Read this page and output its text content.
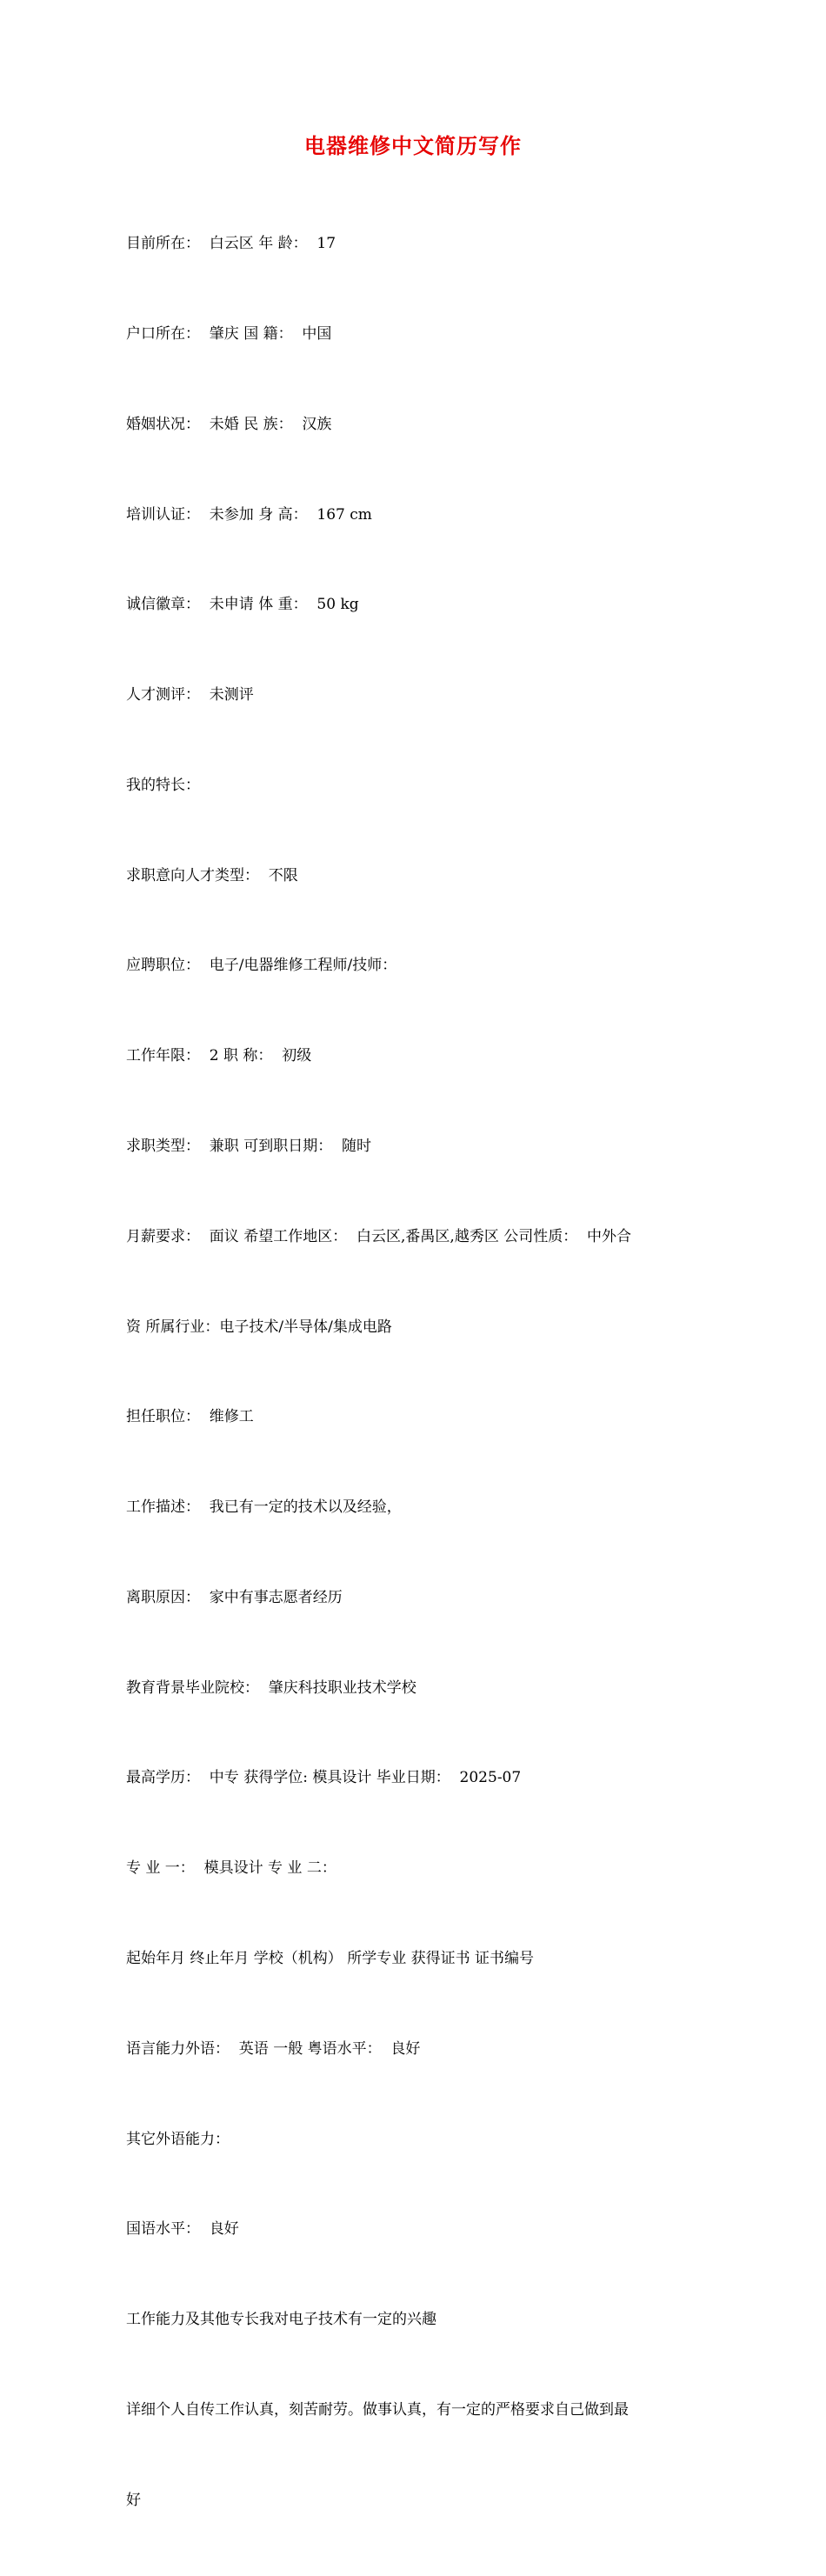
电器维修中文简历写作

目前所在：  白云区 年 龄：  17

户口所在：  肇庆 国 籍：  中国

婚姻状况：  未婚 民 族：  汉族

培训认证：  未参加 身 高：  167 cm

诚信徽章：  未申请 体 重：  50 kg

人才测评：  未测评

我的特长：

求职意向人才类型：  不限

应聘职位：  电子/电器维修工程师/技师：

工作年限：  2 职 称：  初级

求职类型：  兼职 可到职日期：  随时

月薪要求：  面议 希望工作地区：  白云区,番禺区,越秀区 公司性质：  中外合

资 所属行业：电子技术/半导体/集成电路

担任职位：  维修工

工作描述：  我已有一定的技术以及经验，

离职原因：  家中有事志愿者经历

教育背景毕业院校：  肇庆科技职业技术学校

最高学历：  中专 获得学位: 模具设计 毕业日期：  2025-07

专 业 一：  模具设计 专 业 二：

起始年月 终止年月 学校（机构） 所学专业 获得证书 证书编号

语言能力外语：  英语 一般 粤语水平：  良好

其它外语能力：

国语水平：  良好

工作能力及其他专长我对电子技术有一定的兴趣

详细个人自传工作认真，刻苦耐劳。做事认真，有一定的严格要求自己做到最

好
